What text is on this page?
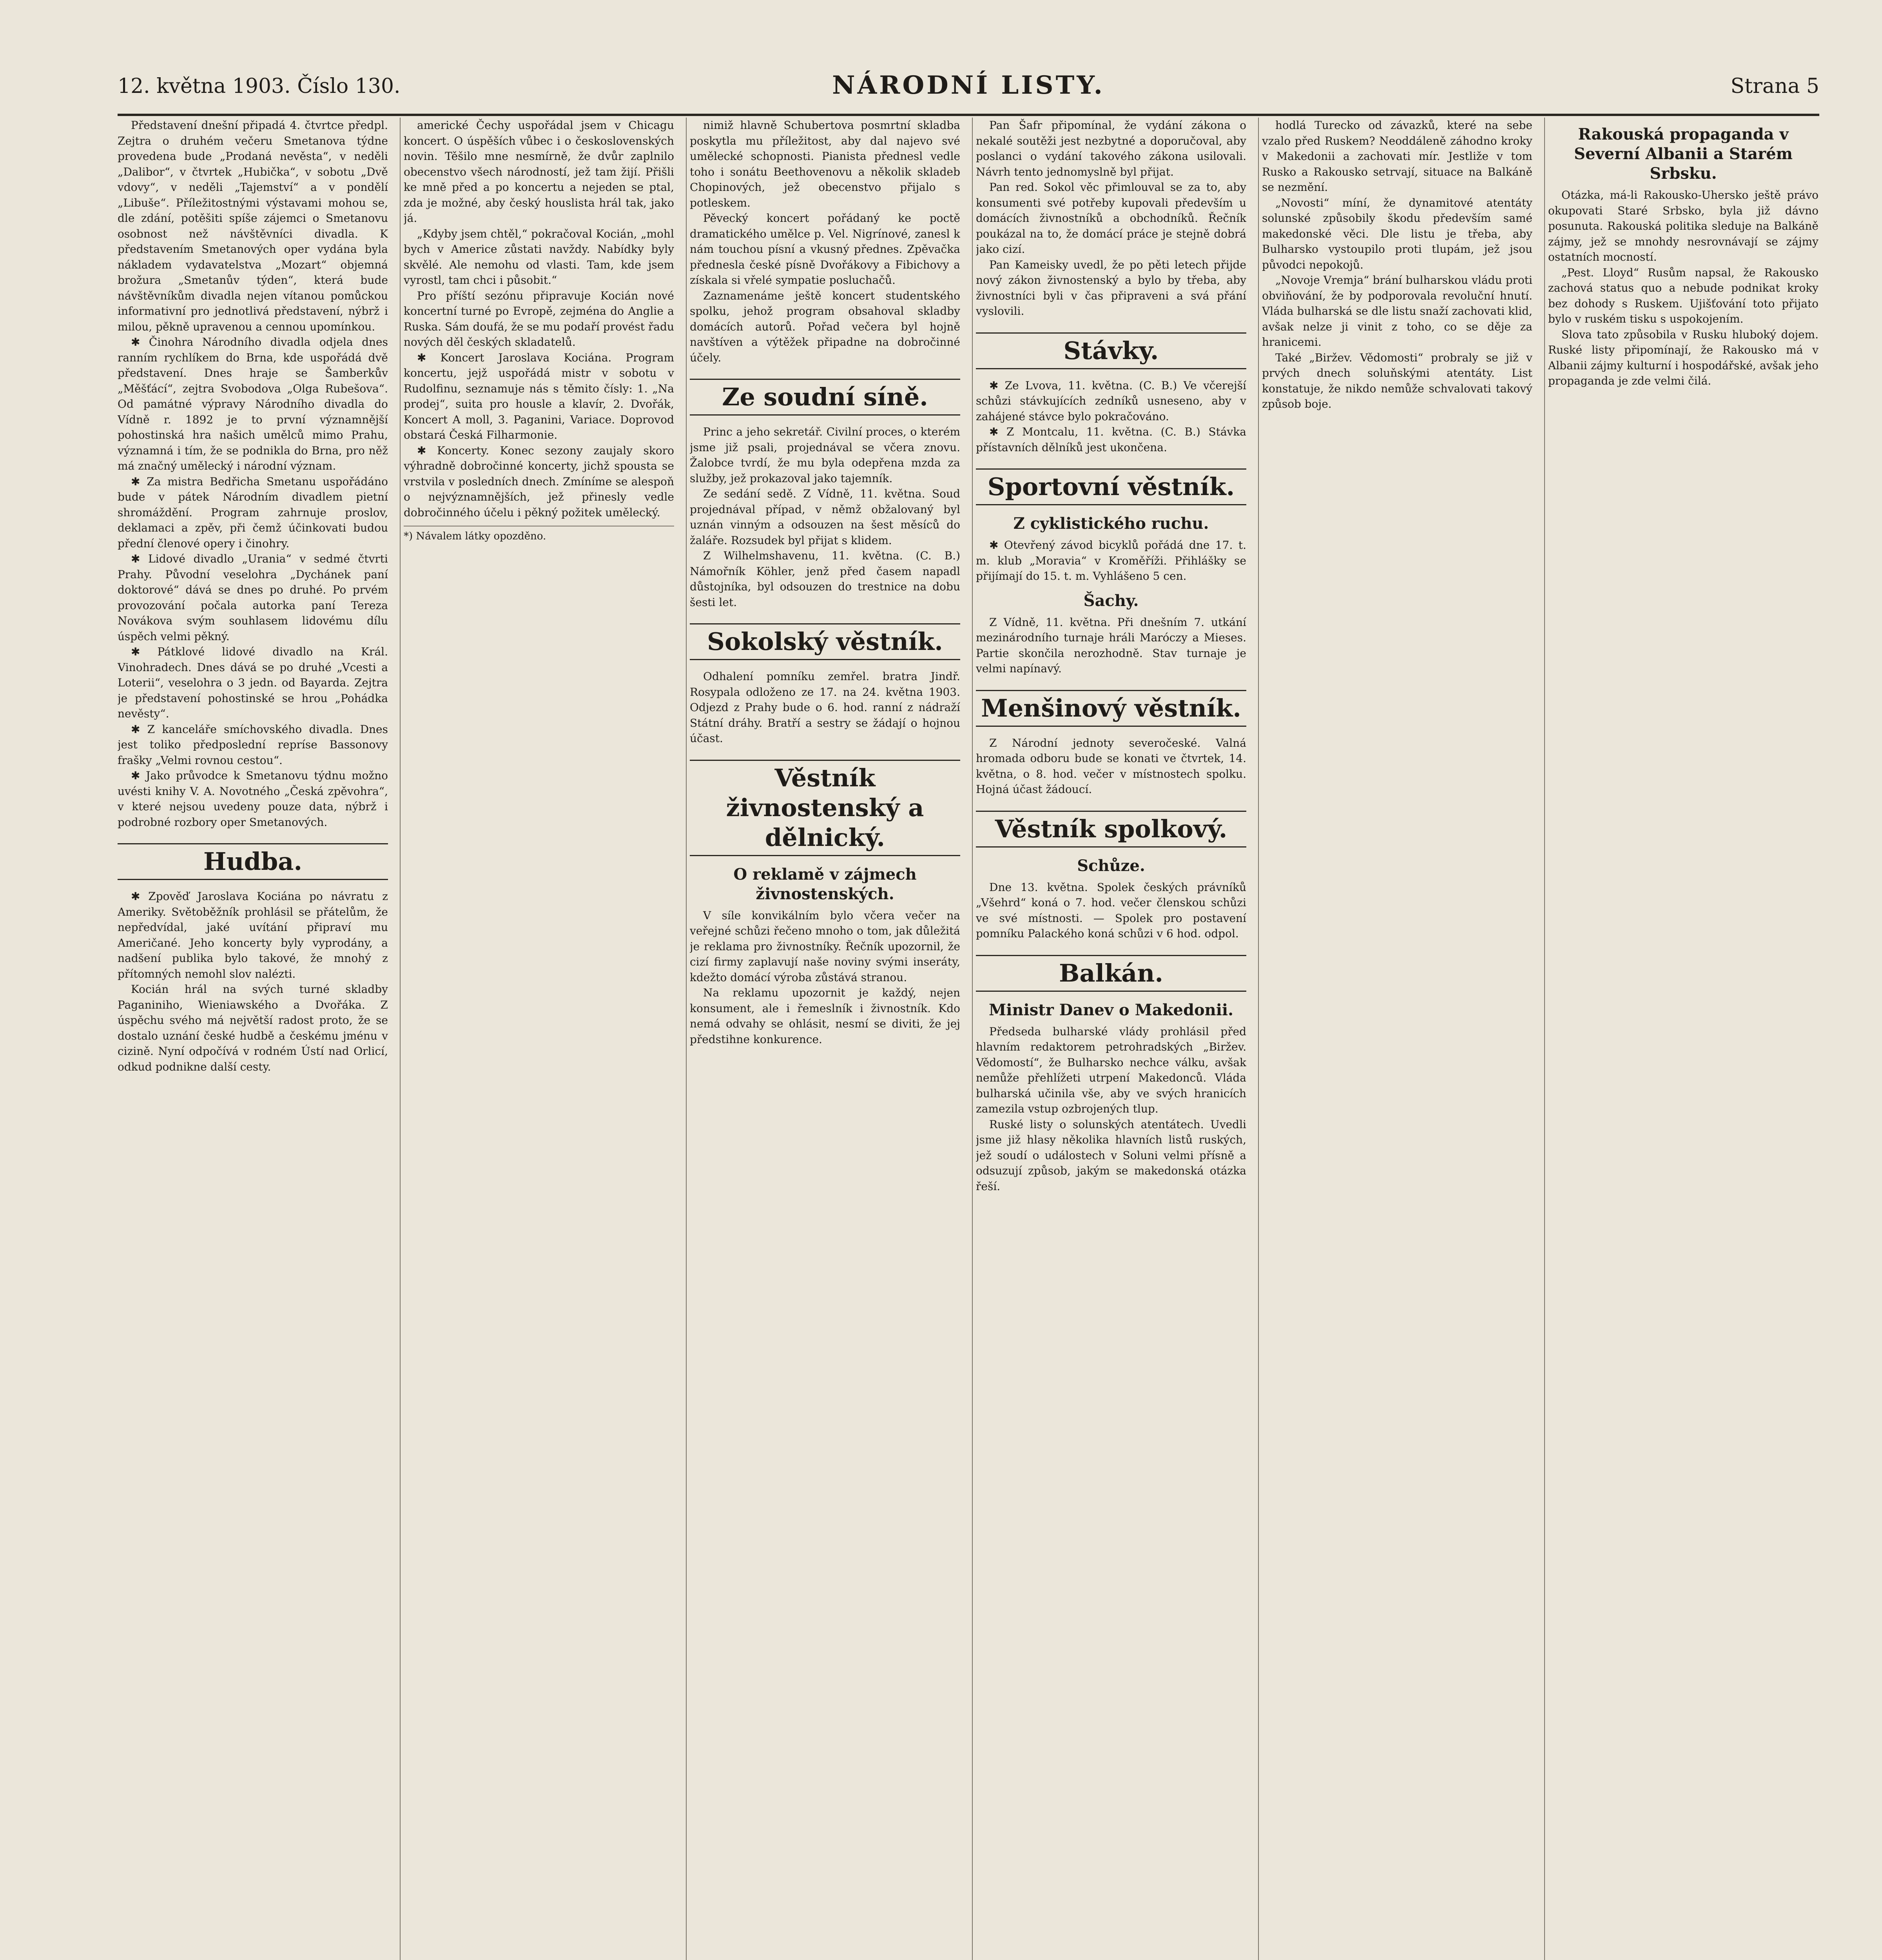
12. května 1903. Číslo 130.	NÁRODNÍ LISTY.	Strana 5

Představení dnešní připadá 4. čtvrtce předpl. Zejtra o druhém večeru Smetanova týdne provedena bude „Prodaná nevěsta“, v neděli „Dalibor“, v čtvrtek „Hubička“, v sobotu „Dvě vdovy“, v neděli „Tajemství“ a v pondělí „Libuše“. Příležitostnými výstavami mohou se, dle zdání, potěšiti spíše zájemci o Smetanovu osobnost než návštěvníci divadla. K představením Smetanových oper vydána byla nákladem vydavatelstva „Mozart“ objemná brožura „Smetanův týden“, která bude návštěvníkům divadla nejen vítanou pomůckou informativní pro jednotlivá představení, nýbrž i milou, pěkně upravenou a cennou upomínkou.

✱ Činohra Národního divadla odjela dnes ranním rychlíkem do Brna, kde uspořádá dvě představení. Dnes hraje se Šamberkův „Měšťácí“, zejtra Svobodova „Olga Rubešova“. Od památné výpravy Národního divadla do Vídně r. 1892 je to první významnější pohostinská hra našich umělců mimo Prahu, významná i tím, že se podnikla do Brna, pro něž má značný umělecký i národní význam.

✱ Za mistra Bedřicha Smetanu uspořádáno bude v pátek Národním divadlem pietní shromáždění. Program zahrnuje proslov, deklamaci a zpěv, při čemž účinkovati budou přední členové opery i činohry.

✱ Lidové divadlo „Urania“ v sedmé čtvrti Prahy. Původní veselohra „Dychánek paní doktorové“ dává se dnes po druhé. Po prvém provozování počala autorka paní Tereza Novákova svým souhlasem lidovému dílu úspěch velmi pěkný.

✱ Pátklové lidové divadlo na Král. Vinohradech. Dnes dává se po druhé „Vcesti a Loterii“, veselohra o 3 jedn. od Bayarda. Zejtra je představení pohostinské se hrou „Pohádka nevěsty“.

✱ Z kanceláře smíchovského divadla. Dnes jest toliko předposlední repríse Bassonovy frašky „Velmi rovnou cestou“.

✱ Jako průvodce k Smetanovu týdnu možno uvésti knihy V. A. Novotného „Česká zpěvohra“, v které nejsou uvedeny pouze data, nýbrž i podrobné rozbory oper Smetanových.

Hudba.

✱ Zpověď Jaroslava Kociána po návratu z Ameriky. Světoběžník prohlásil se přátelům, že nepředvídal, jaké uvítání připraví mu Američané. Jeho koncerty byly vyprodány, a nadšení publika bylo takové, že mnohý z přítomných nemohl slov nalézti.

Kocián hrál na svých turné skladby Paganiniho, Wieniawského a Dvořáka. Z úspěchu svého má největší radost proto, že se dostalo uznání české hudbě a českému jménu v cizině. Nyní odpočívá v rodném Ústí nad Orlicí, odkud podnikne další cesty.

americké Čechy uspořádal jsem v Chicagu koncert. O úspěších vůbec i o československých novin. Těšilo mne nesmírně, že dvůr zaplnilo obecenstvo všech národností, jež tam žijí. Přišli ke mně před a po koncertu a nejeden se ptal, zda je možné, aby český houslista hrál tak, jako já.

„Kdyby jsem chtěl,“ pokračoval Kocián, „mohl bych v Americe zůstati navždy. Nabídky byly skvělé. Ale nemohu od vlasti. Tam, kde jsem vyrostl, tam chci i působit.“

Pro příští sezónu připravuje Kocián nové koncertní turné po Evropě, zejména do Anglie a Ruska. Sám doufá, že se mu podaří provést řadu nových děl českých skladatelů.

✱ Koncert Jaroslava Kociána. Program koncertu, jejž uspořádá mistr v sobotu v Rudolfinu, seznamuje nás s těmito čísly: 1. „Na prodej“, suita pro housle a klavír, 2. Dvořák, Koncert A moll, 3. Paganini, Variace. Doprovod obstará Česká Filharmonie.

✱ Koncerty. Konec sezony zaujaly skoro výhradně dobročinné koncerty, jichž spousta se vrstvila v posledních dnech. Zmíníme se alespoň o nejvýznamnějších, jež přinesly vedle dobročinného účelu i pěkný požitek umělecký.

*) Návalem látky opozděno.

nimiž hlavně Schubertova posmrtní skladba poskytla mu příležitost, aby dal najevo své umělecké schopnosti. Pianista přednesl vedle toho i sonátu Beethovenovu a několik skladeb Chopinových, jež obecenstvo přijalo s potleskem.

Pěvecký koncert pořádaný ke poctě dramatického umělce p. Vel. Nigrínové, zanesl k nám touchou písní a vkusný přednes. Zpěvačka přednesla české písně Dvořákovy a Fibichovy a získala si vřelé sympatie posluchačů.

Zaznamenáme ještě koncert studentského spolku, jehož program obsahoval skladby domácích autorů. Pořad večera byl hojně navštíven a výtěžek připadne na dobročinné účely.

Ze soudní síně.

Princ a jeho sekretář. Civilní proces, o kterém jsme již psali, projednával se včera znovu. Žalobce tvrdí, že mu byla odepřena mzda za služby, jež prokazoval jako tajemník.

Ze sedání sedě. Z Vídně, 11. května. Soud projednával případ, v němž obžalovaný byl uznán vinným a odsouzen na šest měsíců do žaláře. Rozsudek byl přijat s klidem.

Z Wilhelmshavenu, 11. května. (C. B.) Námořník Köhler, jenž před časem napadl důstojníka, byl odsouzen do trestnice na dobu šesti let.

Sokolský věstník.

Odhalení pomníku zemřel. bratra Jindř. Rosypala odloženo ze 17. na 24. května 1903. Odjezd z Prahy bude o 6. hod. ranní z nádraží Státní dráhy. Bratří a sestry se žádají o hojnou účast.

Věstník živnostenský a dělnický.
O reklamě v zájmech živnostenských.

V síle konvikálním bylo včera večer na veřejné schůzi řečeno mnoho o tom, jak důležitá je reklama pro živnostníky. Řečník upozornil, že cizí firmy zaplavují naše noviny svými inseráty, kdežto domácí výroba zůstává stranou.

Na reklamu upozornit je každý, nejen konsument, ale i řemeslník i živnostník. Kdo nemá odvahy se ohlásit, nesmí se diviti, že jej předstihne konkurence.

Pan Šafr připomínal, že vydání zákona o nekalé soutěži jest nezbytné a doporučoval, aby poslanci o vydání takového zákona usilovali. Návrh tento jednomyslně byl přijat.

Pan red. Sokol věc přimlouval se za to, aby konsumenti své potřeby kupovali především u domácích živnostníků a obchodníků. Řečník poukázal na to, že domácí práce je stejně dobrá jako cizí.

Pan Kameisky uvedl, že po pěti letech přijde nový zákon živnostenský a bylo by třeba, aby živnostníci byli v čas připraveni a svá přání vyslovili.

Stávky.

✱ Ze Lvova, 11. května. (C. B.) Ve včerejší schůzi stávkujících zedníků usneseno, aby v zahájené stávce bylo pokračováno.

✱ Z Montcalu, 11. května. (C. B.) Stávka přístavních dělníků jest ukončena.

Sportovní věstník.
Z cyklistického ruchu.

✱ Otevřený závod bicyklů pořádá dne 17. t. m. klub „Moravia“ v Kroměříži. Přihlášky se přijímají do 15. t. m. Vyhlášeno 5 cen.

Šachy.

Z Vídně, 11. května. Při dnešním 7. utkání mezinárodního turnaje hráli Maróczy a Mieses. Partie skončila nerozhodně. Stav turnaje je velmi napínavý.

Menšinový věstník.

Z Národní jednoty severočeské. Valná hromada odboru bude se konati ve čtvrtek, 14. května, o 8. hod. večer v místnostech spolku. Hojná účast žádoucí.

Věstník spolkový.
Schůze.

Dne 13. května. Spolek českých právníků „Všehrd“ koná o 7. hod. večer členskou schůzi ve své místnosti. — Spolek pro postavení pomníku Palackého koná schůzi v 6 hod. odpol.

Balkán.
Ministr Danev o Makedonii.

Předseda bulharské vlády prohlásil před hlavním redaktorem petrohradských „Biržev. Vědomostí“, že Bulharsko nechce válku, avšak nemůže přehlížeti utrpení Makedonců. Vláda bulharská učinila vše, aby ve svých hranicích zamezila vstup ozbrojených tlup.

Ruské listy o solunských atentátech. Uvedli jsme již hlasy několika hlavních listů ruských, jež soudí o událostech v Soluni velmi přísně a odsuzují způsob, jakým se makedonská otázka řeší.

hodlá Turecko od závazků, které na sebe vzalo před Ruskem? Neoddáleně záhodno kroky v Makedonii a zachovati mír. Jestliže v tom Rusko a Rakousko setrvají, situace na Balkáně se nezmění.

„Novosti“ míní, že dynamitové atentáty solunské způsobily škodu především samé makedonské věci. Dle listu je třeba, aby Bulharsko vystoupilo proti tlupám, jež jsou původci nepokojů.

„Novoje Vremja“ brání bulharskou vládu proti obviňování, že by podporovala revoluční hnutí. Vláda bulharská se dle listu snaží zachovati klid, avšak nelze ji vinit z toho, co se děje za hranicemi.

Také „Biržev. Vědomosti“ probraly se již v prvých dnech soluňskými atentáty. List konstatuje, že nikdo nemůže schvalovati takový způsob boje.

Rakouská propaganda v Severní Albanii a Starém Srbsku.

Otázka, má-li Rakousko-Uhersko ještě právo okupovati Staré Srbsko, byla již dávno posunuta. Rakouská politika sleduje na Balkáně zájmy, jež se mnohdy nesrovnávají se zájmy ostatních mocností.

„Pest. Lloyd“ Rusům napsal, že Rakousko zachová status quo a nebude podnikat kroky bez dohody s Ruskem. Ujišťování toto přijato bylo v ruském tisku s uspokojením.

Slova tato způsobila v Rusku hluboký dojem. Ruské listy připomínají, že Rakousko má v Albanii zájmy kulturní i hospodářské, avšak jeho propaganda je zde velmi čilá.
